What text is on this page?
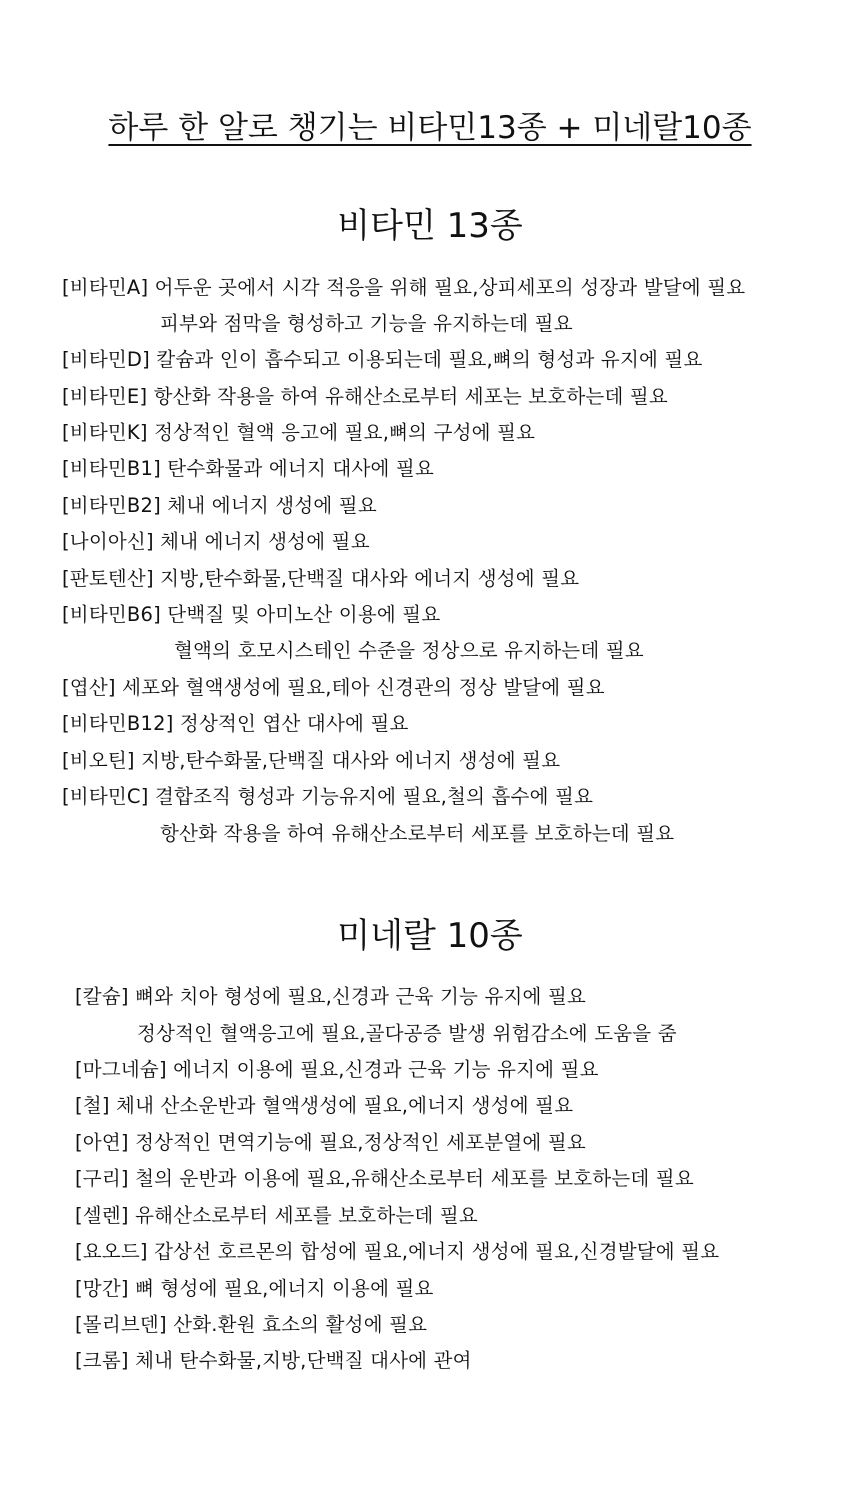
하루 한 알로 챙기는 비타민13종 + 미네랄10종
비타민 13종
[비타민A] 어두운 곳에서 시각 적응을 위해 필요,상피세포의 성장과 발달에 필요
피부와 점막을 형성하고 기능을 유지하는데 필요
[비타민D] 칼슘과 인이 흡수되고 이용되는데 필요,뼈의 형성과 유지에 필요
[비타민E] 항산화 작용을 하여 유해산소로부터 세포는 보호하는데 필요
[비타민K] 정상적인 혈액 응고에 필요,뼈의 구성에 필요
[비타민B1] 탄수화물과 에너지 대사에 필요
[비타민B2] 체내 에너지 생성에 필요
[나이아신] 체내 에너지 생성에 필요
[판토텐산] 지방,탄수화물,단백질 대사와 에너지 생성에 필요
[비타민B6] 단백질 및 아미노산 이용에 필요
혈액의 호모시스테인 수준을 정상으로 유지하는데 필요
[엽산] 세포와 혈액생성에 필요,테아 신경관의 정상 발달에 필요
[비타민B12] 정상적인 엽산 대사에 필요
[비오틴] 지방,탄수화물,단백질 대사와 에너지 생성에 필요
[비타민C] 결합조직 형성과 기능유지에 필요,철의 흡수에 필요
항산화 작용을 하여 유해산소로부터 세포를 보호하는데 필요
미네랄 10종
[칼슘] 뼈와 치아 형성에 필요,신경과 근육 기능 유지에 필요
정상적인 혈액응고에 필요,골다공증 발생 위험감소에 도움을 줌
[마그네슘] 에너지 이용에 필요,신경과 근육 기능 유지에 필요
[철] 체내 산소운반과 혈액생성에 필요,에너지 생성에 필요
[아연] 정상적인 면역기능에 필요,정상적인 세포분열에 필요
[구리] 철의 운반과 이용에 필요,유해산소로부터 세포를 보호하는데 필요
[셀렌] 유해산소로부터 세포를 보호하는데 필요
[요오드] 갑상선 호르몬의 합성에 필요,에너지 생성에 필요,신경발달에 필요
[망간] 뼈 형성에 필요,에너지 이용에 필요
[몰리브덴] 산화.환원 효소의 활성에 필요
[크롬] 체내 탄수화물,지방,단백질 대사에 관여
